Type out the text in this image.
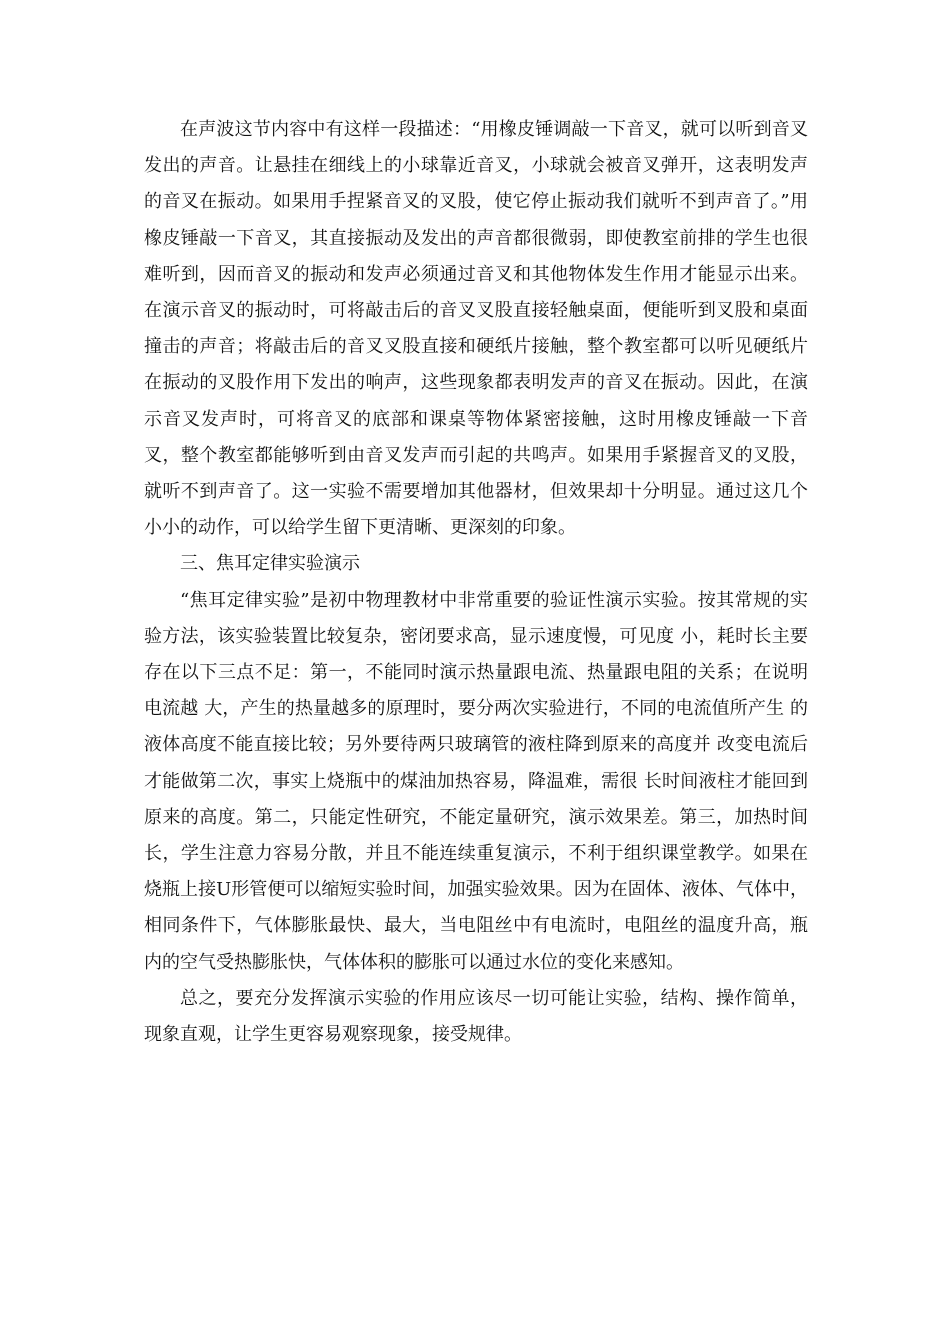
在声波这节内容中有这样一段描述：“用橡皮锤调敲一下音叉，就可以听到音叉发出的声音。让悬挂在细线上的小球靠近音叉，小球就会被音叉弹开，这表明发声的音叉在振动。如果用手捏紧音叉的叉股，使它停止振动我们就听不到声音了。”用橡皮锤敲一下音叉，其直接振动及发出的声音都很微弱，即使教室前排的学生也很难听到，因而音叉的振动和发声必须通过音叉和其他物体发生作用才能显示出来。在演示音叉的振动时，可将敲击后的音叉叉股直接轻触桌面，便能听到叉股和桌面撞击的声音；将敲击后的音叉叉股直接和硬纸片接触，整个教室都可以听见硬纸片在振动的叉股作用下发出的响声，这些现象都表明发声的音叉在振动。因此，在演示音叉发声时，可将音叉的底部和课桌等物体紧密接触，这时用橡皮锤敲一下音叉，整个教室都能够听到由音叉发声而引起的共鸣声。如果用手紧握音叉的叉股，就听不到声音了。这一实验不需要增加其他器材，但效果却十分明显。通过这几个小小的动作，可以给学生留下更清晰、更深刻的印象。

三、焦耳定律实验演示

“焦耳定律实验”是初中物理教材中非常重要的验证性演示实验。按其常规的实验方法，该实验装置比较复杂，密闭要求高，显示速度慢，可见度 小，耗时长主要存在以下三点不足：第一，不能同时演示热量跟电流、热量跟电阻的关系；在说明电流越 大，产生的热量越多的原理时，要分两次实验进行，不同的电流值所产生 的液体高度不能直接比较；另外要待两只玻璃管的液柱降到原来的高度并 改变电流后才能做第二次，事实上烧瓶中的煤油加热容易，降温难，需很 长时间液柱才能回到原来的高度。第二，只能定性研究，不能定量研究，演示效果差。第三，加热时间长，学生注意力容易分散，并且不能连续重复演示，不利于组织课堂教学。如果在烧瓶上接U形管便可以缩短实验时间，加强实验效果。因为在固体、液体、气体中，相同条件下，气体膨胀最快、最大，当电阻丝中有电流时，电阻丝的温度升高，瓶内的空气受热膨胀快，气体体积的膨胀可以通过水位的变化来感知。

总之，要充分发挥演示实验的作用应该尽一切可能让实验，结构、操作简单，现象直观，让学生更容易观察现象，接受规律。
